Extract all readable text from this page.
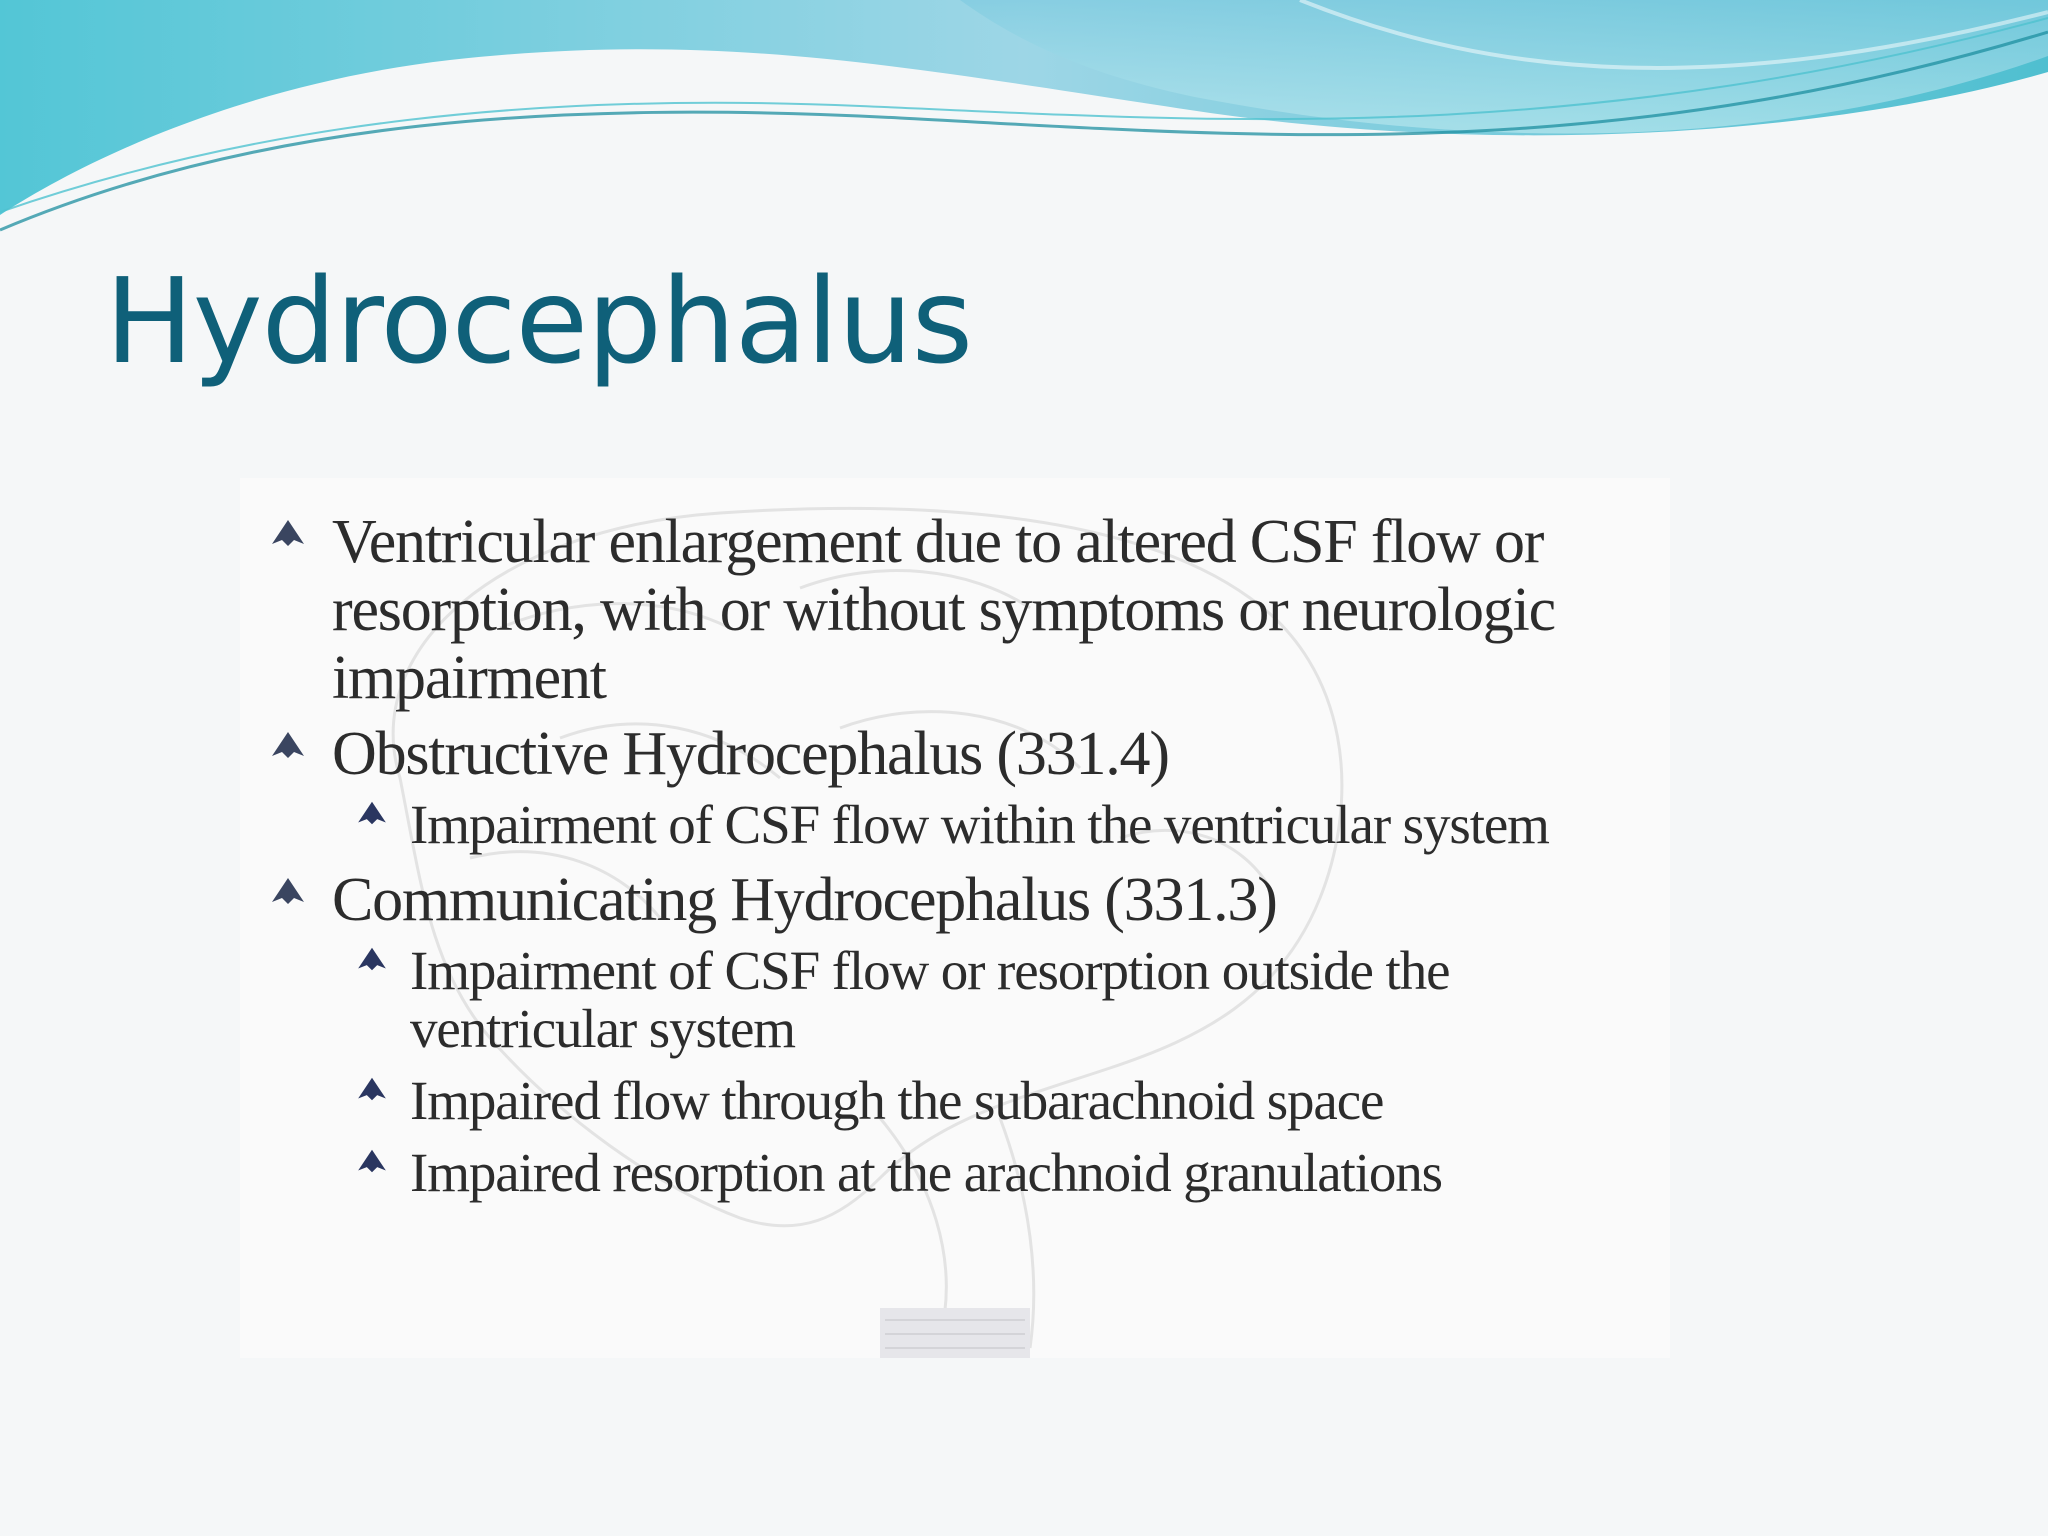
Hydrocephalus
Ventricular enlargement due to altered CSF flow or resorption, with or without symptoms or neurologic impairment
Obstructive Hydrocephalus (331.4)
Impairment of CSF flow within the ventricular system
Communicating Hydrocephalus (331.3)
Impairment of CSF flow or resorption outside the ventricular system
Impaired flow through the subarachnoid space
Impaired resorption at the arachnoid granulations
